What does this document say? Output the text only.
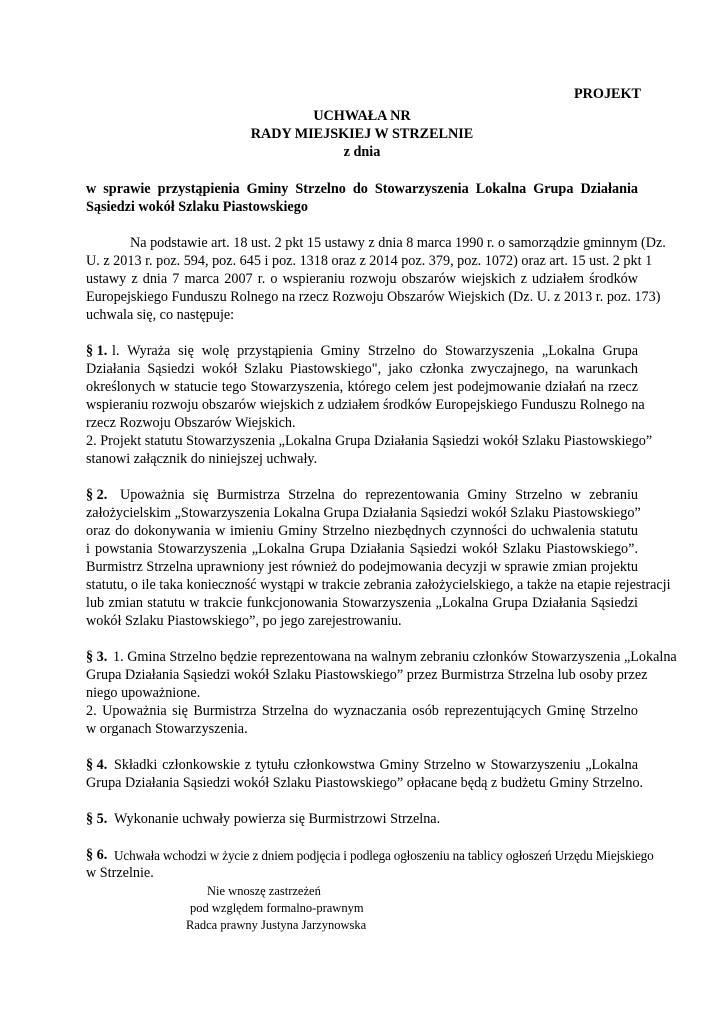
PROJEKT
UCHWAŁA NR
RADY MIEJSKIEJ W STRZELNIE
z dnia
w sprawie przystąpienia Gminy Strzelno do Stowarzyszenia Lokalna Grupa Działania
Sąsiedzi wokół Szlaku Piastowskiego
Na podstawie art. 18 ust. 2 pkt 15 ustawy z dnia 8 marca 1990 r. o samorządzie gminnym (Dz.
U. z 2013 r. poz. 594, poz. 645 i poz. 1318 oraz z 2014 poz. 379, poz. 1072) oraz art. 15 ust. 2 pkt 1
ustawy z dnia 7 marca 2007 r. o wspieraniu rozwoju obszarów wiejskich z udziałem środków
Europejskiego Funduszu Rolnego na rzecz Rozwoju Obszarów Wiejskich (Dz. U. z 2013 r. poz. 173)
uchwala się, co następuje:
§ 1. l. Wyraża się wolę przystąpienia Gminy Strzelno do Stowarzyszenia „Lokalna Grupa
Działania Sąsiedzi wokół Szlaku Piastowskiego", jako członka zwyczajnego, na warunkach
określonych w statucie tego Stowarzyszenia, którego celem jest podejmowanie działań na rzecz
wspieraniu rozwoju obszarów wiejskich z udziałem środków Europejskiego Funduszu Rolnego na
rzecz Rozwoju Obszarów Wiejskich.
2. Projekt statutu Stowarzyszenia „Lokalna Grupa Działania Sąsiedzi wokół Szlaku Piastowskiego”
stanowi załącznik do niniejszej uchwały.
§ 2. Upoważnia się Burmistrza Strzelna do reprezentowania Gminy Strzelno w zebraniu
założycielskim „Stowarzyszenia Lokalna Grupa Działania Sąsiedzi wokół Szlaku Piastowskiego”
oraz do dokonywania w imieniu Gminy Strzelno niezbędnych czynności do uchwalenia statutu
i powstania Stowarzyszenia „Lokalna Grupa Działania Sąsiedzi wokół Szlaku Piastowskiego”.
Burmistrz Strzelna uprawniony jest również do podejmowania decyzji w sprawie zmian projektu
statutu, o ile taka konieczność wystąpi w trakcie zebrania założycielskiego, a także na etapie rejestracji
lub zmian statutu w trakcie funkcjonowania Stowarzyszenia „Lokalna Grupa Działania Sąsiedzi
wokół Szlaku Piastowskiego”, po jego zarejestrowaniu.
§ 3. 1. Gmina Strzelno będzie reprezentowana na walnym zebraniu członków Stowarzyszenia „Lokalna
Grupa Działania Sąsiedzi wokół Szlaku Piastowskiego” przez Burmistrza Strzelna lub osoby przez
niego upoważnione.
2. Upoważnia się Burmistrza Strzelna do wyznaczania osób reprezentujących Gminę Strzelno
w organach Stowarzyszenia.
§ 4. Składki członkowskie z tytułu członkowstwa Gminy Strzelno w Stowarzyszeniu „Lokalna
Grupa Działania Sąsiedzi wokół Szlaku Piastowskiego” opłacane będą z budżetu Gminy Strzelno.
§ 5. Wykonanie uchwały powierza się Burmistrzowi Strzelna.
§ 6. Uchwała wchodzi w życie z dniem podjęcia i podlega ogłoszeniu na tablicy ogłoszeń Urzędu Miejskiego
w Strzelnie.
Nie wnoszę zastrzeżeń
pod względem formalno-prawnym
Radca prawny Justyna Jarzynowska
